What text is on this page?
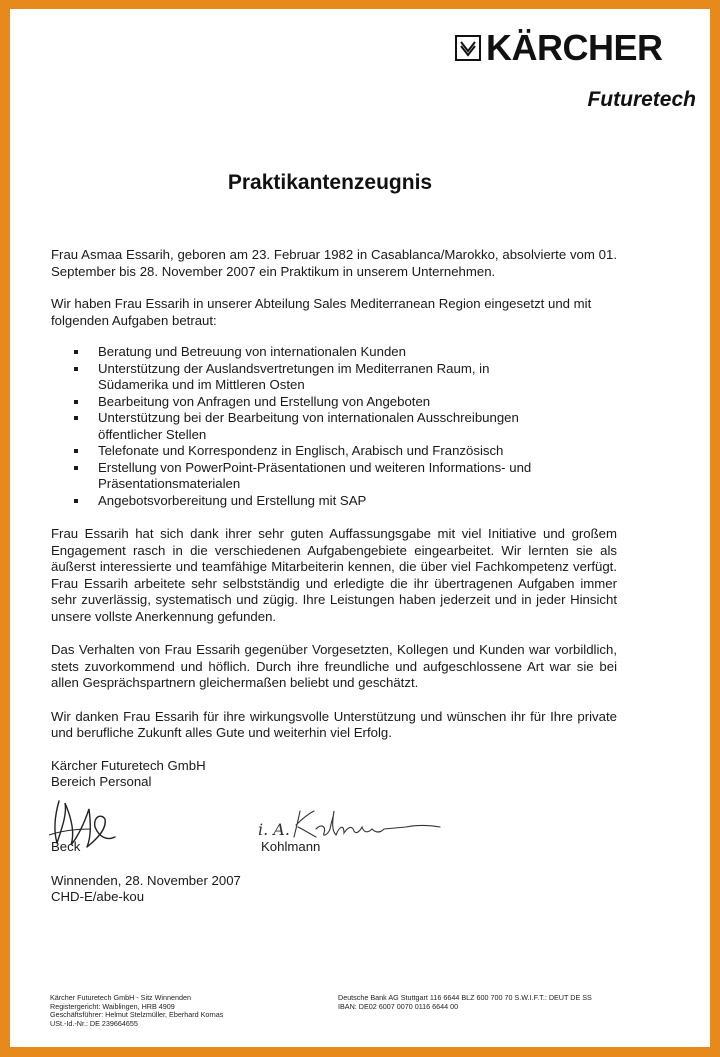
KÄRCHER
Futuretech
Praktikantenzeugnis

Frau Asmaa Essarih, geboren am 23. Februar 1982 in Casablanca/Marokko, absolvierte vom 01. September bis 28. November 2007 ein Praktikum in unserem Unternehmen.

Wir haben Frau Essarih in unserer Abteilung Sales Mediterranean Region eingesetzt und mit folgenden Aufgaben betraut:

Beratung und Betreuung von internationalen Kunden
Unterstützung der Auslandsvertretungen im Mediterranen Raum, in Südamerika und im Mittleren Osten
Bearbeitung von Anfragen und Erstellung von Angeboten
Unterstützung bei der Bearbeitung von internationalen Ausschreibungen öffentlicher Stellen
Telefonate und Korrespondenz in Englisch, Arabisch und Französisch
Erstellung von PowerPoint-Präsentationen und weiteren Informations- und Präsentationsmaterialen
Angebotsvorbereitung und Erstellung mit SAP

Frau Essarih hat sich dank ihrer sehr guten Auffassungsgabe mit viel Initiative und großem Engagement rasch in die verschiedenen Aufgabengebiete eingearbeitet. Wir lernten sie als äußerst interessierte und teamfähige Mitarbeiterin kennen, die über viel Fachkompetenz verfügt. Frau Essarih arbeitete sehr selbstständig und erledigte die ihr übertragenen Aufgaben immer sehr zuverlässig, systematisch und zügig. Ihre Leistungen haben jederzeit und in jeder Hinsicht unsere vollste Anerkennung gefunden.

Das Verhalten von Frau Essarih gegenüber Vorgesetzten, Kollegen und Kunden war vorbildlich, stets zuvorkommend und höflich. Durch ihre freundliche und aufgeschlossene Art war sie bei allen Gesprächspartnern gleichermaßen beliebt und geschätzt.

Wir danken Frau Essarih für ihre wirkungsvolle Unterstützung und wünschen ihr für Ihre private und berufliche Zukunft alles Gute und weiterhin viel Erfolg.

Kärcher Futuretech GmbH
Bereich Personal
i. A.
Beck	Kohlmann
Winnenden, 28. November 2007
CHD-E/abe-kou
Kärcher Futuretech GmbH - Sitz Winnenden
Registergericht: Waiblingen, HRB 4909
Geschäftsführer: Helmut Stelzmüller, Eberhard Kornas
USt.-Id.-Nr.: DE 239664655
Deutsche Bank AG Stuttgart 116 6644 BLZ 600 700 70 S.W.I.F.T.: DEUT DE SS
IBAN: DE02 6007 0070 0116 6644 00
